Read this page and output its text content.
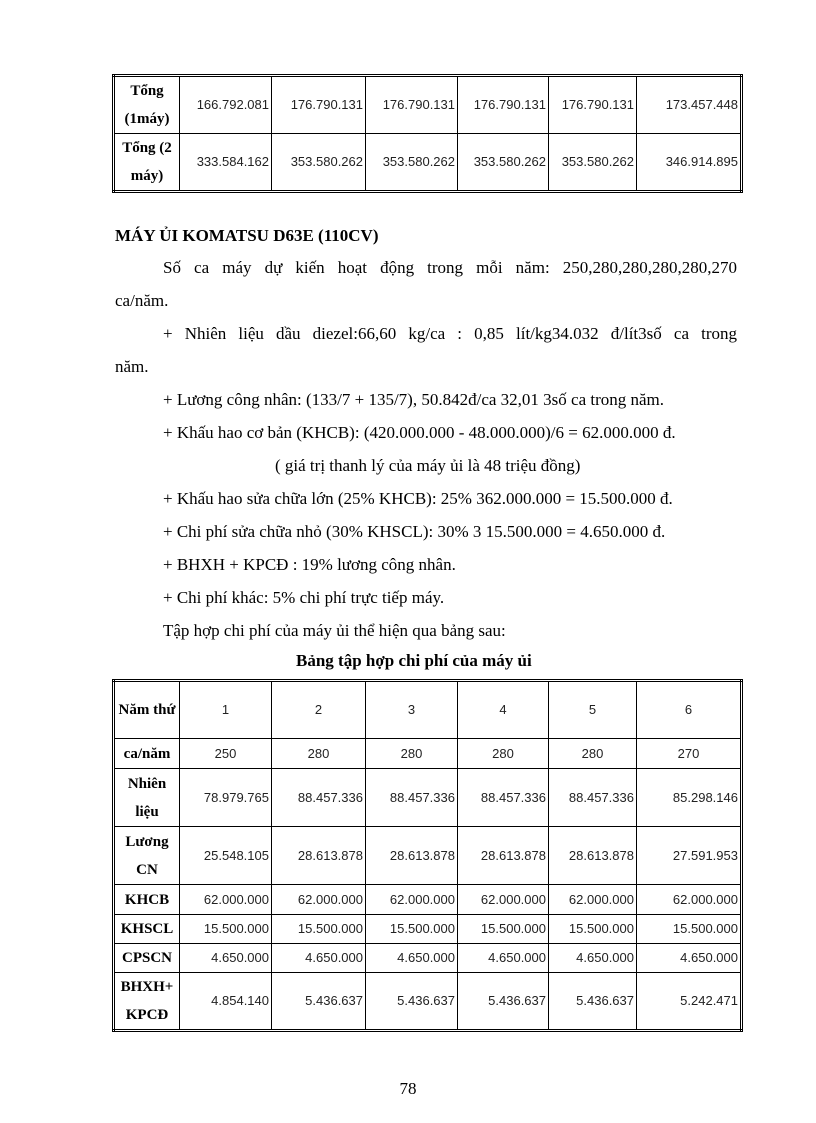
Tổng (1máy)	166.792.081	176.790.131	176.790.131	176.790.131	176.790.131	173.457.448
Tổng (2 máy)	333.584.162	353.580.262	353.580.262	353.580.262	353.580.262	346.914.895
MÁY ỦI KOMATSU D63E (110CV)
Số ca máy dự kiến hoạt động trong mỗi năm: 250,280,280,280,280,270
ca/năm.
+ Nhiên liệu dầu diezel:66,60 kg/ca : 0,85 lít/kg34.032 đ/lít3số ca trong
năm.
+ Lương công nhân: (133/7 + 135/7), 50.842đ/ca 32,01 3số ca trong năm.
+ Khấu hao cơ bản (KHCB): (420.000.000 - 48.000.000)/6 = 62.000.000 đ.
( giá trị thanh lý của máy ủi là 48 triệu đồng)
+ Khấu hao sửa chữa lớn (25% KHCB): 25% 362.000.000 = 15.500.000 đ.
+ Chi phí sửa chữa nhỏ (30% KHSCL): 30% 3 15.500.000 = 4.650.000 đ.
+ BHXH + KPCĐ : 19% lương công nhân.
+ Chi phí khác: 5% chi phí trực tiếp máy.
Tập hợp chi phí của máy ủi thể hiện qua bảng sau:
Bảng tập hợp chi phí của máy ủi
Năm thứ	1	2	3	4	5	6
ca/năm	250	280	280	280	280	270
Nhiên liệu	78.979.765	88.457.336	88.457.336	88.457.336	88.457.336	85.298.146
Lương CN	25.548.105	28.613.878	28.613.878	28.613.878	28.613.878	27.591.953
KHCB	62.000.000	62.000.000	62.000.000	62.000.000	62.000.000	62.000.000
KHSCL	15.500.000	15.500.000	15.500.000	15.500.000	15.500.000	15.500.000
CPSCN	4.650.000	4.650.000	4.650.000	4.650.000	4.650.000	4.650.000
BHXH+ KPCĐ	4.854.140	5.436.637	5.436.637	5.436.637	5.436.637	5.242.471
78
